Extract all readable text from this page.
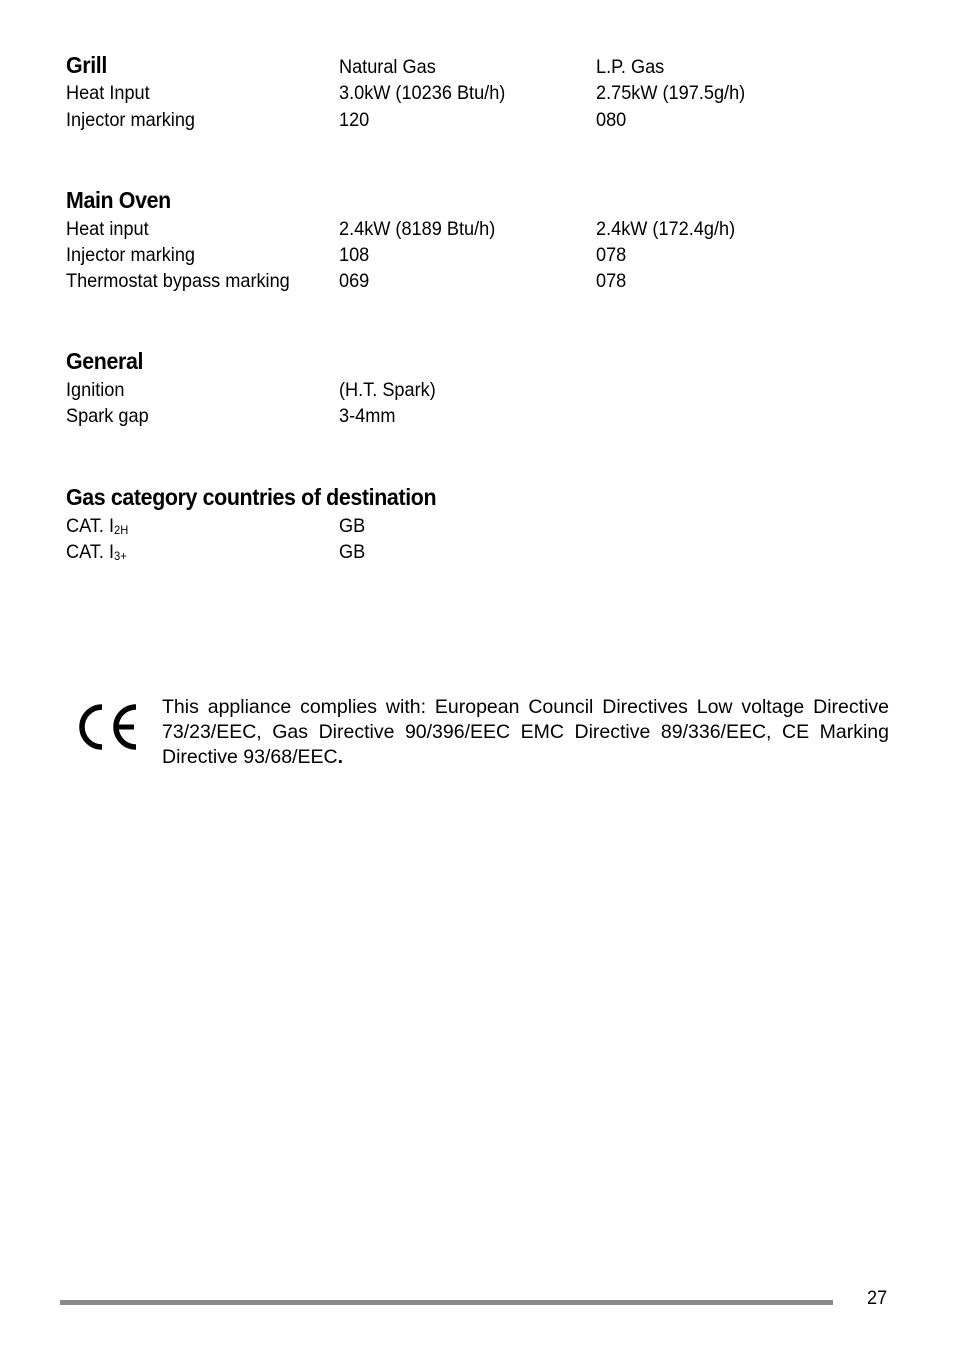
Grill	Natural Gas	L.P. Gas
Heat Input	3.0kW (10236 Btu/h)	2.75kW (197.5g/h)
Injector marking	120	080
Main Oven
Heat input	2.4kW (8189 Btu/h)	2.4kW (172.4g/h)
Injector marking	108	078
Thermostat bypass marking	069	078
General
Ignition	(H.T. Spark)
Spark gap	3-4mm
Gas category countries of destination
CAT. $I_{2H}$	GB
CAT. $I_{3+}$	GB
This appliance complies with: European Council Directives Low voltage Directive
73/23/EEC, Gas Directive 90/396/EEC EMC Directive 89/336/EEC, CE Marking
Directive 93/68/EEC.
27
